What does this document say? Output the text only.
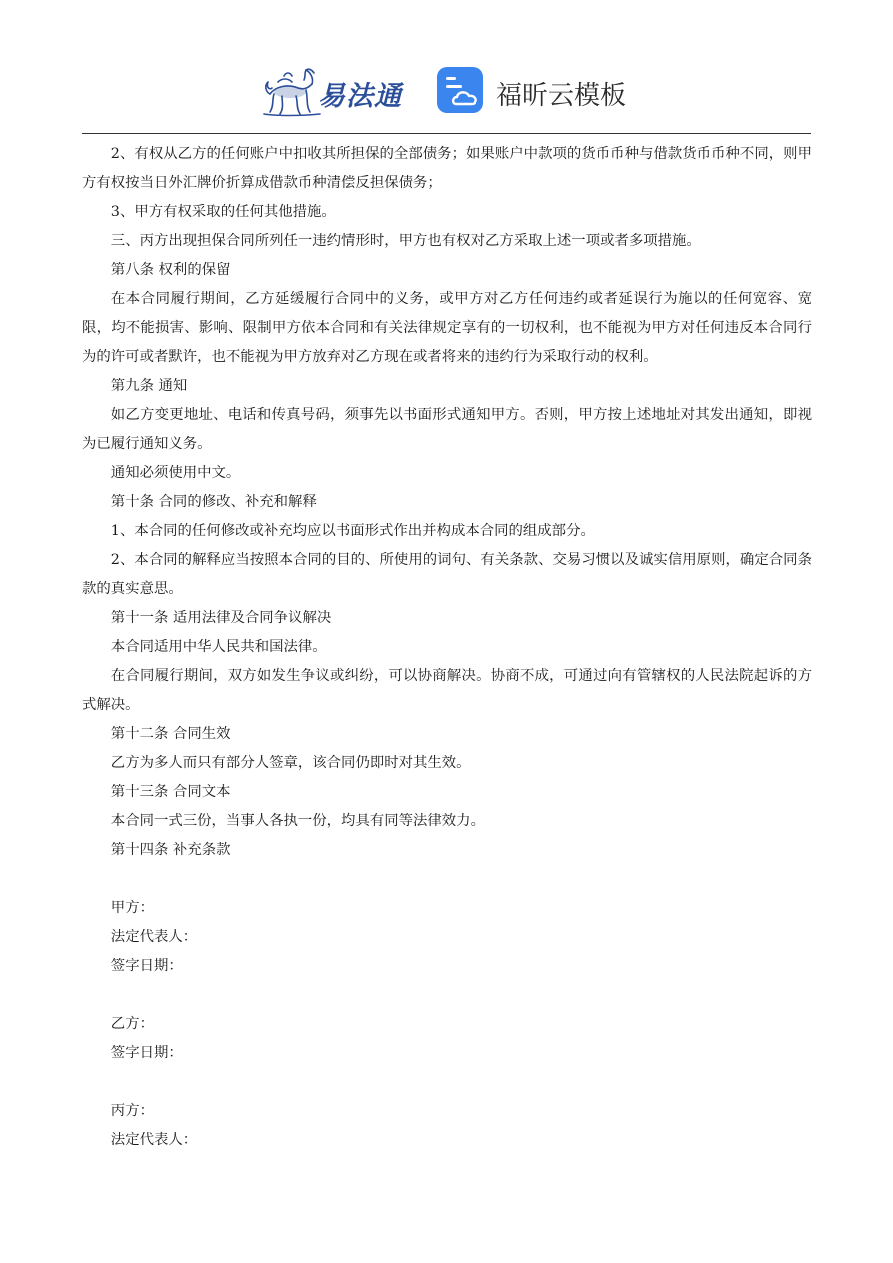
易法通	福昕云模板

2、有权从乙方的任何账户中扣收其所担保的全部债务；如果账户中款项的货币币种与借款货币币种不同，则甲方有权按当日外汇牌价折算成借款币种清偿反担保债务；

3、甲方有权采取的任何其他措施。

三、丙方出现担保合同所列任一违约情形时，甲方也有权对乙方采取上述一项或者多项措施。

第八条 权利的保留

在本合同履行期间，乙方延缓履行合同中的义务，或甲方对乙方任何违约或者延误行为施以的任何宽容、宽限，均不能损害、影响、限制甲方依本合同和有关法律规定享有的一切权利，也不能视为甲方对任何违反本合同行为的许可或者默许，也不能视为甲方放弃对乙方现在或者将来的违约行为采取行动的权利。

第九条 通知

如乙方变更地址、电话和传真号码，须事先以书面形式通知甲方。否则，甲方按上述地址对其发出通知，即视为已履行通知义务。

通知必须使用中文。

第十条 合同的修改、补充和解释

1、本合同的任何修改或补充均应以书面形式作出并构成本合同的组成部分。

2、本合同的解释应当按照本合同的目的、所使用的词句、有关条款、交易习惯以及诚实信用原则，确定合同条款的真实意思。

第十一条 适用法律及合同争议解决

本合同适用中华人民共和国法律。

在合同履行期间，双方如发生争议或纠纷，可以协商解决。协商不成，可通过向有管辖权的人民法院起诉的方式解决。

第十二条 合同生效

乙方为多人而只有部分人签章，该合同仍即时对其生效。

第十三条 合同文本

本合同一式三份，当事人各执一份，均具有同等法律效力。

第十四条 补充条款

甲方：

法定代表人：

签字日期：

乙方：

签字日期：

丙方：

法定代表人：
